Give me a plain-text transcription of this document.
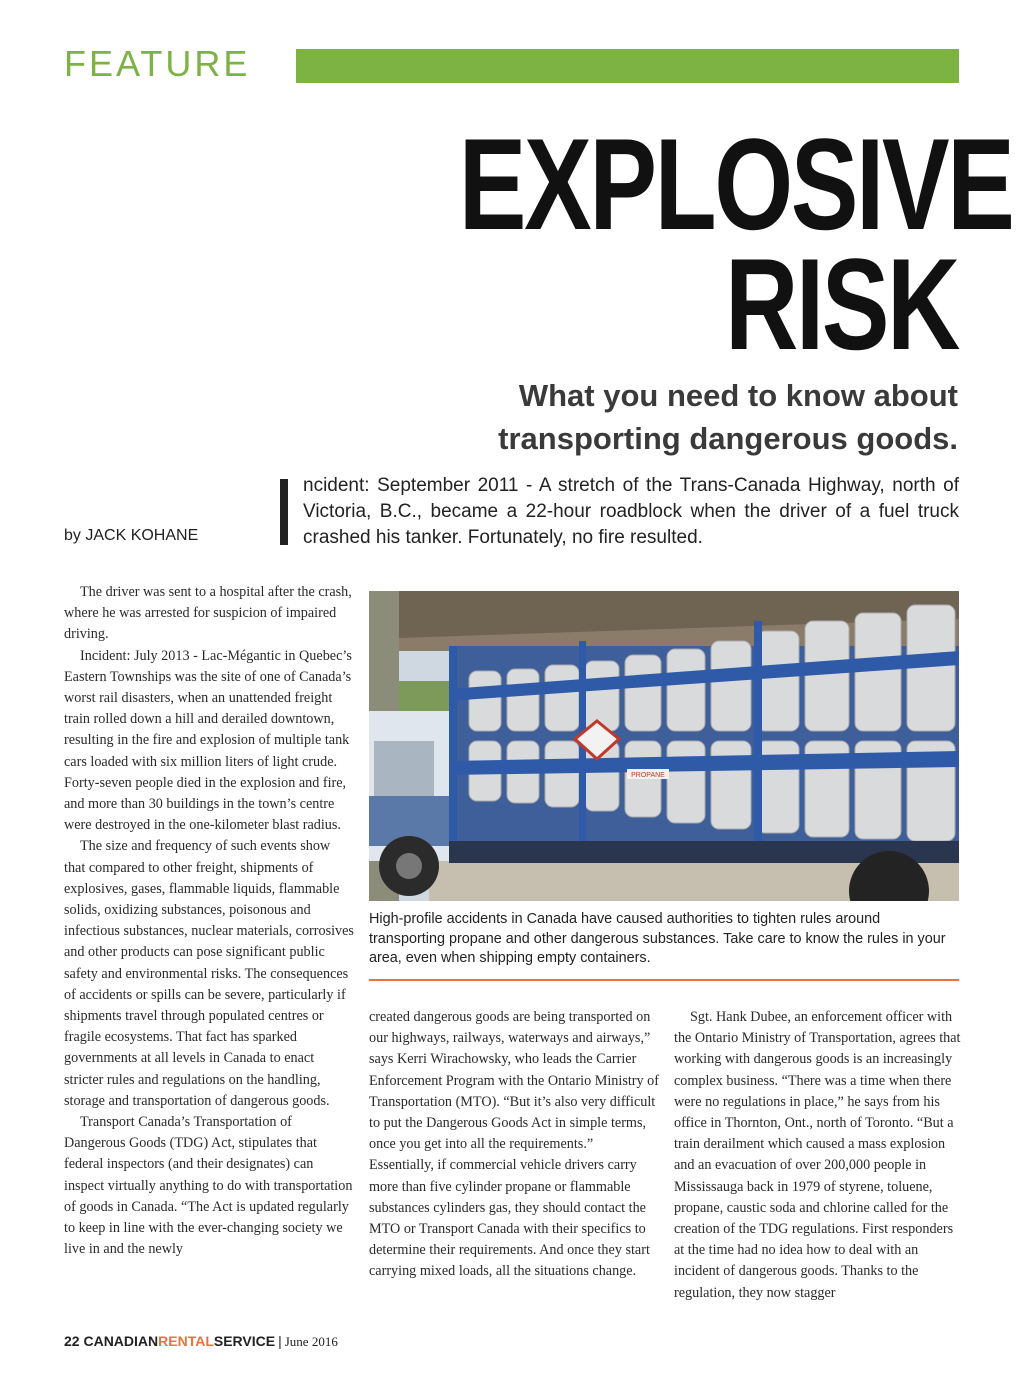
FEATURE
EXPLOSIVE
RISK
What you need to know about
transporting dangerous goods.
by JACK KOHANE
ncident: September 2011 - A stretch of the Trans-Canada Highway, north of Victoria, B.C., became a 22-hour roadblock when the driver of a fuel truck crashed his tanker. Fortunately, no fire resulted.

The driver was sent to a hospital after the crash, where he was arrested for suspicion of impaired driving.

Incident: July 2013 - Lac-Mégantic in Quebec’s Eastern Townships was the site of one of Canada’s worst rail disasters, when an unattended freight train rolled down a hill and derailed downtown, resulting in the fire and explosion of multiple tank cars loaded with six million liters of light crude. Forty-seven people died in the explosion and fire, and more than 30 buildings in the town’s centre were destroyed in the one-kilometer blast radius.

The size and frequency of such events show that compared to other freight, shipments of explosives, gases, flammable liquids, flammable solids, oxidizing substances, poisonous and infectious substances, nuclear materials, corrosives and other products can pose significant public safety and environmental risks. The consequences of accidents or spills can be severe, particularly if shipments travel through populated centres or fragile ecosystems. That fact has sparked governments at all levels in Canada to enact stricter rules and regulations on the handling, storage and transportation of dangerous goods.

Transport Canada’s Transportation of Dangerous Goods (TDG) Act, stipulates that federal inspectors (and their designates) can inspect virtually anything to do with transportation of goods in Canada. “The Act is updated regularly to keep in line with the ever-changing society we live in and the newly

PROPANE
High-profile accidents in Canada have caused authorities to tighten rules around transporting propane and other dangerous substances. Take care to know the rules in your area, even when shipping empty containers.

created dangerous goods are being transported on our highways, railways, waterways and airways,” says Kerri Wirachowsky, who leads the Carrier Enforcement Program with the Ontario Ministry of Transportation (MTO). “But it’s also very difficult to put the Dangerous Goods Act in simple terms, once you get into all the requirements.” Essentially, if commercial vehicle drivers carry more than five cylinder propane or flammable substances cylinders gas, they should contact the MTO or Transport Canada with their specifics to determine their requirements. And once they start carrying mixed loads, all the situations change.

Sgt. Hank Dubee, an enforcement officer with the Ontario Ministry of Transportation, agrees that working with dangerous goods is an increasingly complex business. “There was a time when there were no regulations in place,” he says from his office in Thornton, Ont., north of Toronto. “But a train derailment which caused a mass explosion and an evacuation of over 200,000 people in Mississauga back in 1979 of styrene, toluene, propane, caustic soda and chlorine called for the creation of the TDG regulations. First responders at the time had no idea how to deal with an incident of dangerous goods. Thanks to the regulation, they now stagger

22 CANADIANRENTALSERVICE | June 2016
